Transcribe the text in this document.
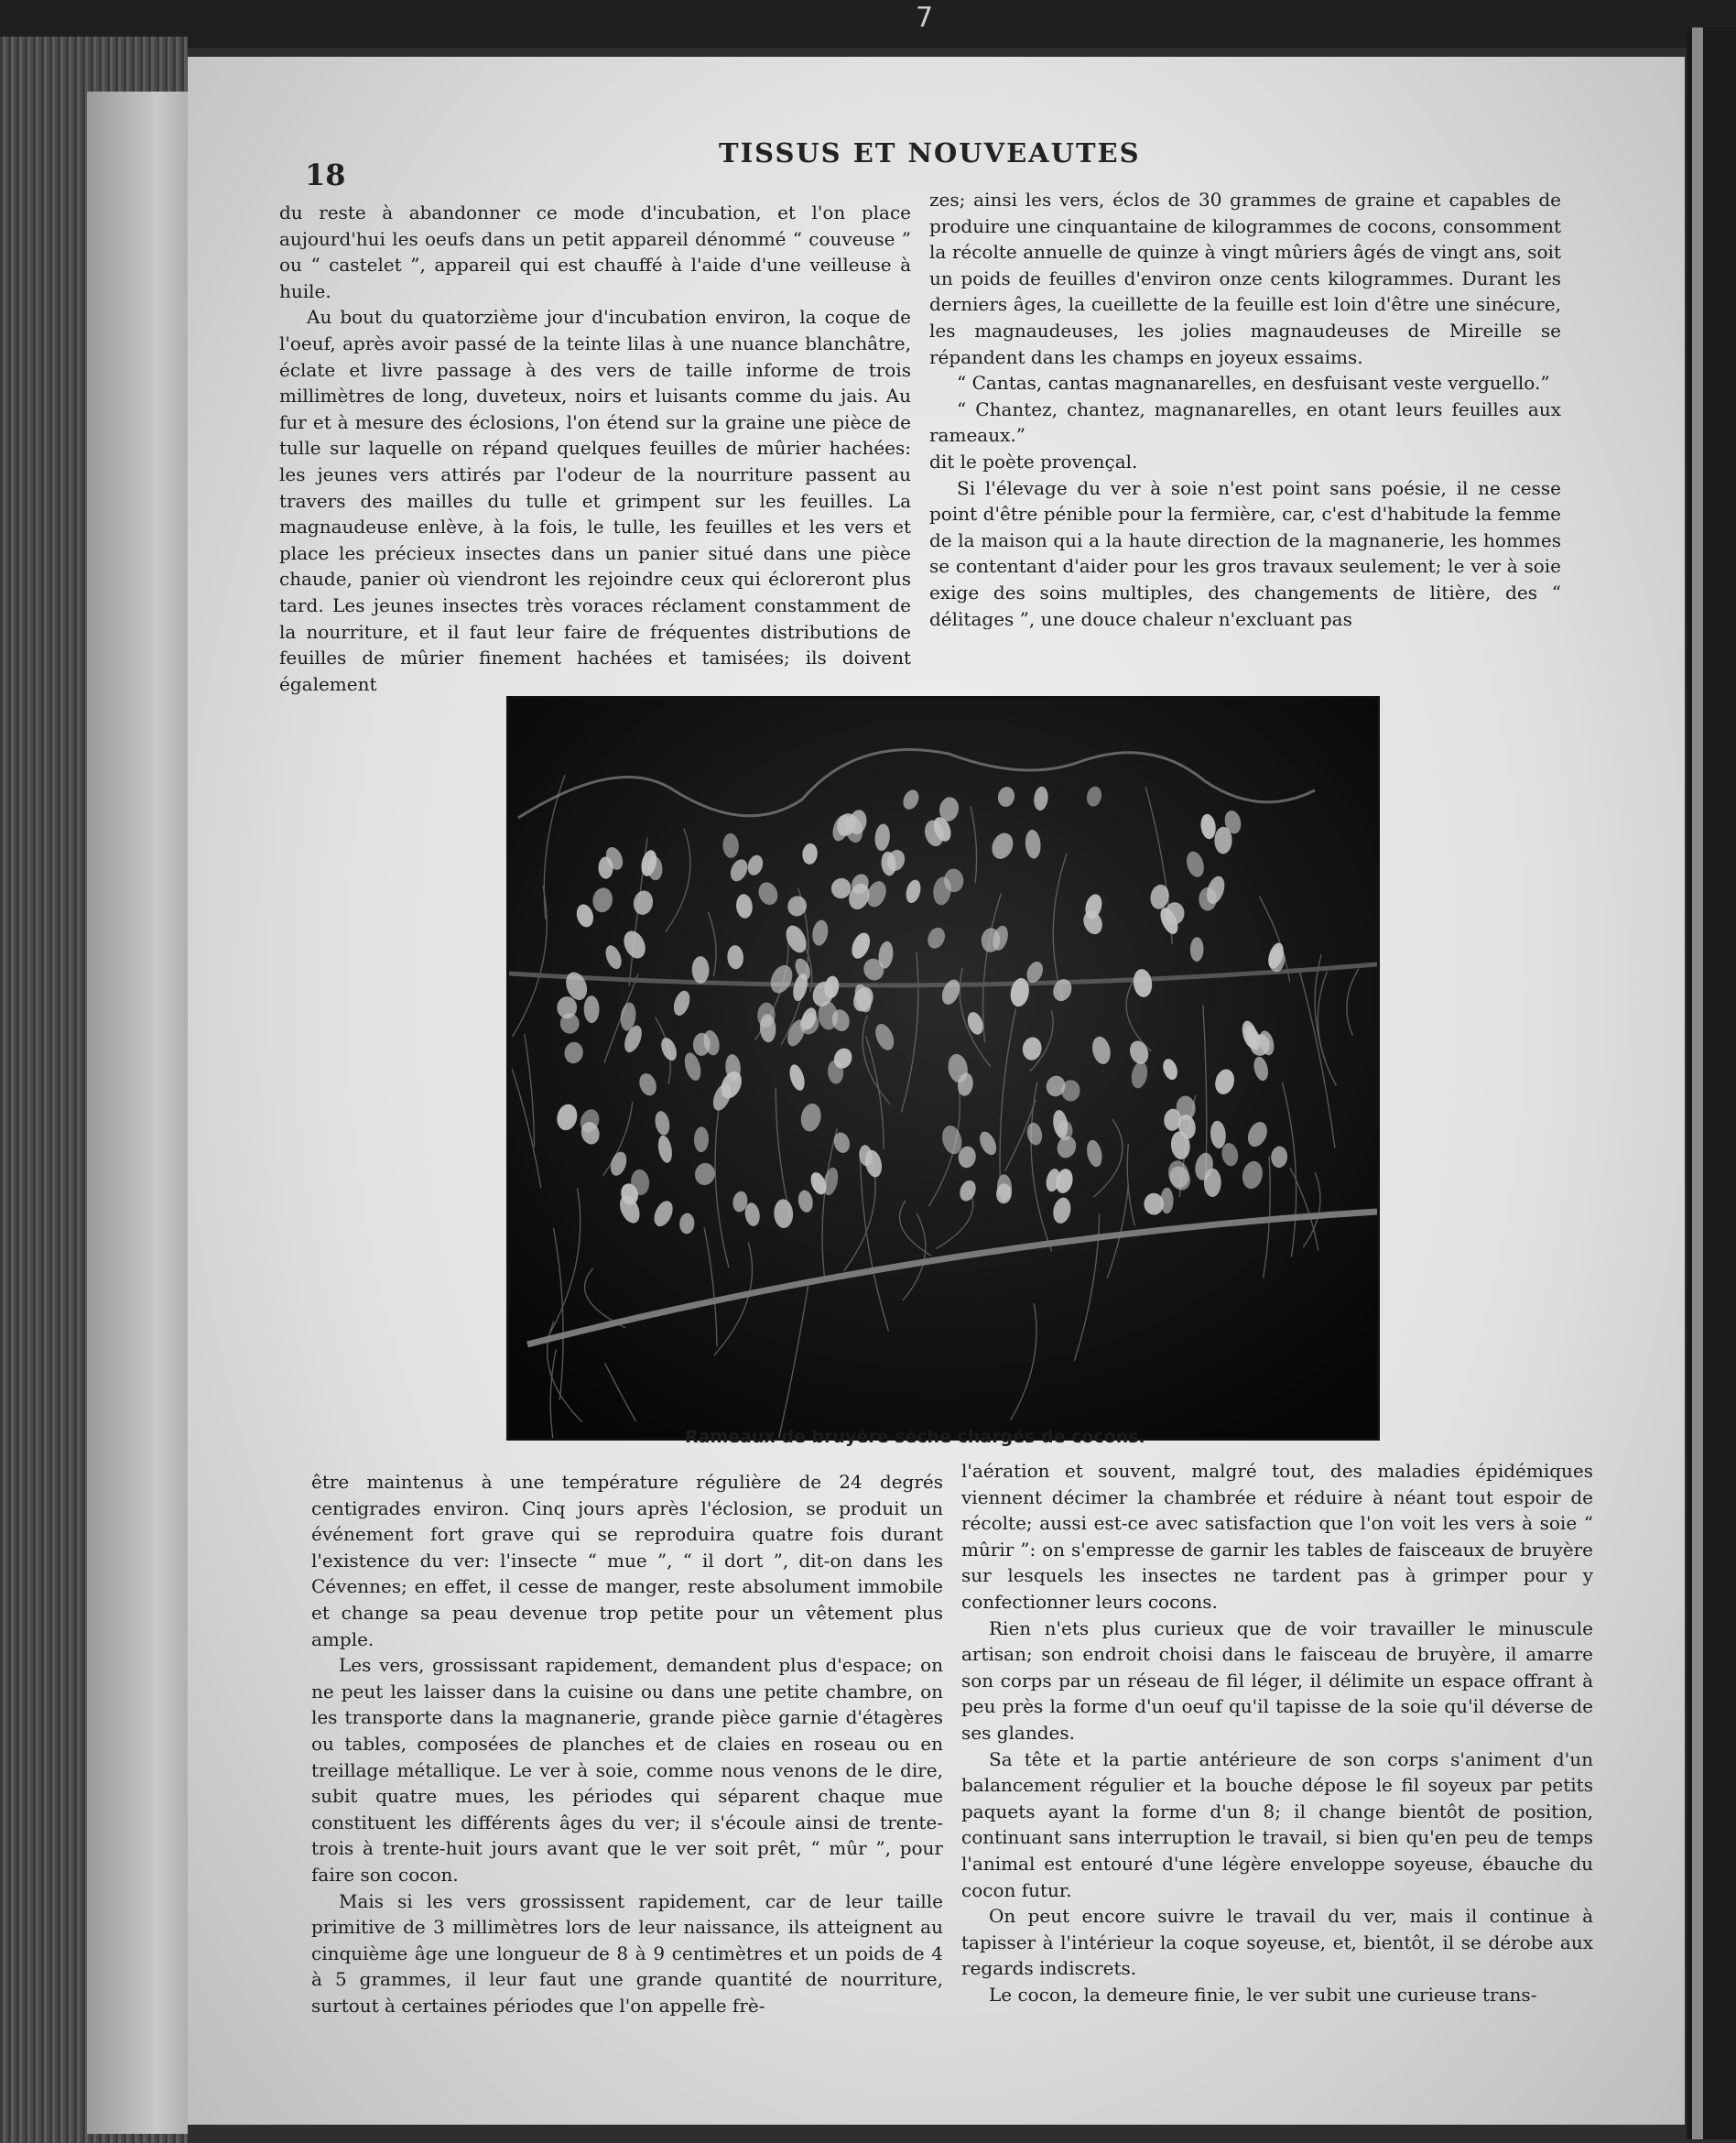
7
18
TISSUS ET NOUVEAUTES

du reste à abandonner ce mode d'incubation, et l'on place aujourd'hui les oeufs dans un petit appareil dénommé “ couveuse ” ou “ castelet ”, appareil qui est chauffé à l'aide d'une veilleuse à huile.

Au bout du quatorzième jour d'incubation environ, la coque de l'oeuf, après avoir passé de la teinte lilas à une nuance blanchâtre, éclate et livre passage à des vers de taille informe de trois millimètres de long, duveteux, noirs et luisants comme du jais. Au fur et à mesure des éclosions, l'on étend sur la graine une pièce de tulle sur laquelle on répand quelques feuilles de mûrier hachées: les jeunes vers attirés par l'odeur de la nourriture passent au travers des mailles du tulle et grimpent sur les feuilles. La magnaudeuse enlève, à la fois, le tulle, les feuilles et les vers et place les précieux insectes dans un panier situé dans une pièce chaude, panier où viendront les rejoindre ceux qui écloreront plus tard. Les jeunes insectes très voraces réclament constamment de la nourriture, et il faut leur faire de fréquentes distributions de feuilles de mûrier finement hachées et tamisées; ils doivent également

zes; ainsi les vers, éclos de 30 grammes de graine et capables de produire une cinquantaine de kilogrammes de cocons, consomment la récolte annuelle de quinze à vingt mûriers âgés de vingt ans, soit un poids de feuilles d'environ onze cents kilogrammes. Durant les derniers âges, la cueillette de la feuille est loin d'être une sinécure, les magnaudeuses, les jolies magnaudeuses de Mireille se répandent dans les champs en joyeux essaims.

“ Cantas, cantas magnanarelles, en desfuisant veste verguello.”

“ Chantez, chantez, magnanarelles, en otant leurs feuilles aux rameaux.”

dit le poète provençal.

Si l'élevage du ver à soie n'est point sans poésie, il ne cesse point d'être pénible pour la fermière, car, c'est d'habitude la femme de la maison qui a la haute direction de la magnanerie, les hommes se contentant d'aider pour les gros travaux seulement; le ver à soie exige des soins multiples, des changements de litière, des “ délitages ”, une douce chaleur n'excluant pas

Rameaux de bruyère sèche chargés de cocons.

être maintenus à une température régulière de 24 degrés centigrades environ. Cinq jours après l'éclosion, se produit un événement fort grave qui se reproduira quatre fois durant l'existence du ver: l'insecte “ mue ”, “ il dort ”, dit-on dans les Cévennes; en effet, il cesse de manger, reste absolument immobile et change sa peau devenue trop petite pour un vêtement plus ample.

Les vers, grossissant rapidement, demandent plus d'espace; on ne peut les laisser dans la cuisine ou dans une petite chambre, on les transporte dans la magnanerie, grande pièce garnie d'étagères ou tables, composées de planches et de claies en roseau ou en treillage métallique. Le ver à soie, comme nous venons de le dire, subit quatre mues, les périodes qui séparent chaque mue constituent les différents âges du ver; il s'écoule ainsi de trente-trois à trente-huit jours avant que le ver soit prêt, “ mûr ”, pour faire son cocon.

Mais si les vers grossissent rapidement, car de leur taille primitive de 3 millimètres lors de leur naissance, ils atteignent au cinquième âge une longueur de 8 à 9 centimètres et un poids de 4 à 5 grammes, il leur faut une grande quantité de nourriture, surtout à certaines périodes que l'on appelle frè-

l'aération et souvent, malgré tout, des maladies épidémiques viennent décimer la chambrée et réduire à néant tout espoir de récolte; aussi est-ce avec satisfaction que l'on voit les vers à soie “ mûrir ”: on s'empresse de garnir les tables de faisceaux de bruyère sur lesquels les insectes ne tardent pas à grimper pour y confectionner leurs cocons.

Rien n'ets plus curieux que de voir travailler le minuscule artisan; son endroit choisi dans le faisceau de bruyère, il amarre son corps par un réseau de fil léger, il délimite un espace offrant à peu près la forme d'un oeuf qu'il tapisse de la soie qu'il déverse de ses glandes.

Sa tête et la partie antérieure de son corps s'animent d'un balancement régulier et la bouche dépose le fil soyeux par petits paquets ayant la forme d'un 8; il change bientôt de position, continuant sans interruption le travail, si bien qu'en peu de temps l'animal est entouré d'une légère enveloppe soyeuse, ébauche du cocon futur.

On peut encore suivre le travail du ver, mais il continue à tapisser à l'intérieur la coque soyeuse, et, bientôt, il se dérobe aux regards indiscrets.

Le cocon, la demeure finie, le ver subit une curieuse trans-
